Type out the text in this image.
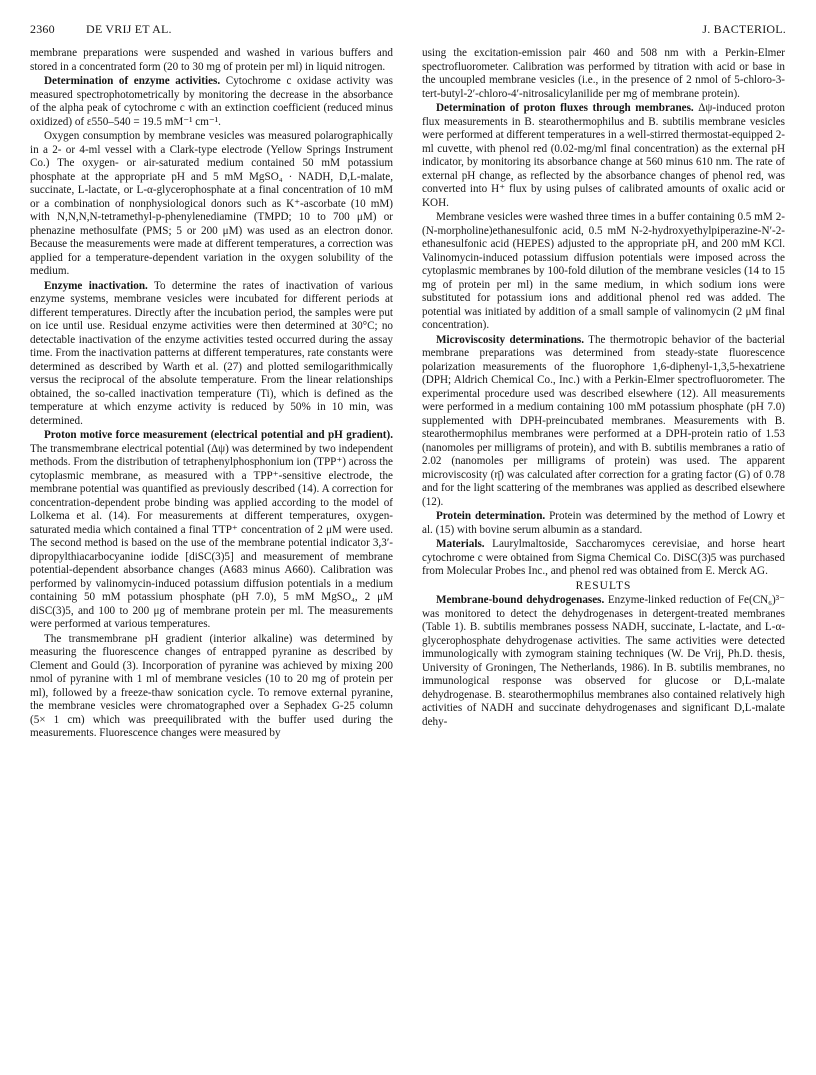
2360	DE VRIJ ET AL.	J. BACTERIOL.

membrane preparations were suspended and washed in various buffers and stored in a concentrated form (20 to 30 mg of protein per ml) in liquid nitrogen.

Determination of enzyme activities. Cytochrome c oxidase activity was measured spectrophotometrically by monitoring the decrease in the absorbance of the alpha peak of cytochrome c with an extinction coefficient (reduced minus oxidized) of ε550–540 = 19.5 mM⁻¹ cm⁻¹.

Oxygen consumption by membrane vesicles was measured polarographically in a 2- or 4-ml vessel with a Clark-type electrode (Yellow Springs Instrument Co.) The oxygen- or air-saturated medium contained 50 mM potassium phosphate at the appropriate pH and 5 mM MgSO₄ · NADH, D,L-malate, succinate, L-lactate, or L-α-glycerophosphate at a final concentration of 10 mM or a combination of nonphysiological donors such as K⁺-ascorbate (10 mM) with N,N,N,N-tetramethyl-p-phenylenediamine (TMPD; 10 to 700 μM) or phenazine methosulfate (PMS; 5 or 200 μM) was used as an electron donor. Because the measurements were made at different temperatures, a correction was applied for a temperature-dependent variation in the oxygen solubility of the medium.

Enzyme inactivation. To determine the rates of inactivation of various enzyme systems, membrane vesicles were incubated for different periods at different temperatures. Directly after the incubation period, the samples were put on ice until use. Residual enzyme activities were then determined at 30°C; no detectable inactivation of the enzyme activities tested occurred during the assay time. From the inactivation patterns at different temperatures, rate constants were determined as described by Warth et al. (27) and plotted semilogarithmically versus the reciprocal of the absolute temperature. From the linear relationships obtained, the so-called inactivation temperature (Ti), which is defined as the temperature at which enzyme activity is reduced by 50% in 10 min, was determined.

Proton motive force measurement (electrical potential and pH gradient). The transmembrane electrical potential (Δψ) was determined by two independent methods. From the distribution of tetraphenylphosphonium ion (TPP⁺) across the cytoplasmic membrane, as measured with a TPP⁺-sensitive electrode, the membrane potential was quantified as previously described (14). A correction for concentration-dependent probe binding was applied according to the model of Lolkema et al. (14). For measurements at different temperatures, oxygen-saturated media which contained a final TTP⁺ concentration of 2 μM were used. The second method is based on the use of the membrane potential indicator 3,3′-dipropylthiacarbocyanine iodide [diSC(3)5] and measurement of membrane potential-dependent absorbance changes (A683 minus A660). Calibration was performed by valinomycin-induced potassium diffusion potentials in a medium containing 50 mM potassium phosphate (pH 7.0), 5 mM MgSO₄, 2 μM diSC(3)5, and 100 to 200 μg of membrane protein per ml. The measurements were performed at various temperatures.

The transmembrane pH gradient (interior alkaline) was determined by measuring the fluorescence changes of entrapped pyranine as described by Clement and Gould (3). Incorporation of pyranine was achieved by mixing 200 nmol of pyranine with 1 ml of membrane vesicles (10 to 20 mg of protein per ml), followed by a freeze-thaw sonication cycle. To remove external pyranine, the membrane vesicles were chromatographed over a Sephadex G-25 column (5× 1 cm) which was preequilibrated with the buffer used during the measurements. Fluorescence changes were measured by

using the excitation-emission pair 460 and 508 nm with a Perkin-Elmer spectrofluorometer. Calibration was performed by titration with acid or base in the uncoupled membrane vesicles (i.e., in the presence of 2 nmol of 5-chloro-3-tert-butyl-2′-chloro-4′-nitrosalicylanilide per mg of membrane protein).

Determination of proton fluxes through membranes. Δψ-induced proton flux measurements in B. stearothermophilus and B. subtilis membrane vesicles were performed at different temperatures in a well-stirred thermostat-equipped 2-ml cuvette, with phenol red (0.02-mg/ml final concentration) as the external pH indicator, by monitoring its absorbance change at 560 minus 610 nm. The rate of external pH change, as reflected by the absorbance changes of phenol red, was converted into H⁺ flux by using pulses of calibrated amounts of oxalic acid or KOH.

Membrane vesicles were washed three times in a buffer containing 0.5 mM 2-(N-morpholine)ethanesulfonic acid, 0.5 mM N-2-hydroxyethylpiperazine-N′-2-ethanesulfonic acid (HEPES) adjusted to the appropriate pH, and 200 mM KCl. Valinomycin-induced potassium diffusion potentials were imposed across the cytoplasmic membranes by 100-fold dilution of the membrane vesicles (14 to 15 mg of protein per ml) in the same medium, in which sodium ions were substituted for potassium ions and additional phenol red was added. The potential was initiated by addition of a small sample of valinomycin (2 μM final concentration).

Microviscosity determinations. The thermotropic behavior of the bacterial membrane preparations was determined from steady-state fluorescence polarization measurements of the fluorophore 1,6-diphenyl-1,3,5-hexatriene (DPH; Aldrich Chemical Co., Inc.) with a Perkin-Elmer spectrofluorometer. The experimental procedure used was described elsewhere (12). All measurements were performed in a medium containing 100 mM potassium phosphate (pH 7.0) supplemented with DPH-preincubated membranes. Measurements with B. stearothermophilus membranes were performed at a DPH-protein ratio of 1.53 (nanomoles per milligrams of protein), and with B. subtilis membranes a ratio of 2.02 (nanomoles per milligrams of protein) was used. The apparent microviscosity (η̄) was calculated after correction for a grating factor (G) of 0.78 and for the light scattering of the membranes was applied as described elsewhere (12).

Protein determination. Protein was determined by the method of Lowry et al. (15) with bovine serum albumin as a standard.

Materials. Laurylmaltoside, Saccharomyces cerevisiae, and horse heart cytochrome c were obtained from Sigma Chemical Co. DiSC(3)5 was purchased from Molecular Probes Inc., and phenol red was obtained from E. Merck AG.

RESULTS

Membrane-bound dehydrogenases. Enzyme-linked reduction of Fe(CN₆)³⁻ was monitored to detect the dehydrogenases in detergent-treated membranes (Table 1). B. subtilis membranes possess NADH, succinate, L-lactate, and L-α-glycerophosphate dehydrogenase activities. The same activities were detected immunologically with zymogram staining techniques (W. De Vrij, Ph.D. thesis, University of Groningen, The Netherlands, 1986). In B. subtilis membranes, no immunological response was observed for glucose or D,L-malate dehydrogenase. B. stearothermophilus membranes also contained relatively high activities of NADH and succinate dehydrogenases and significant D,L-malate dehy-
